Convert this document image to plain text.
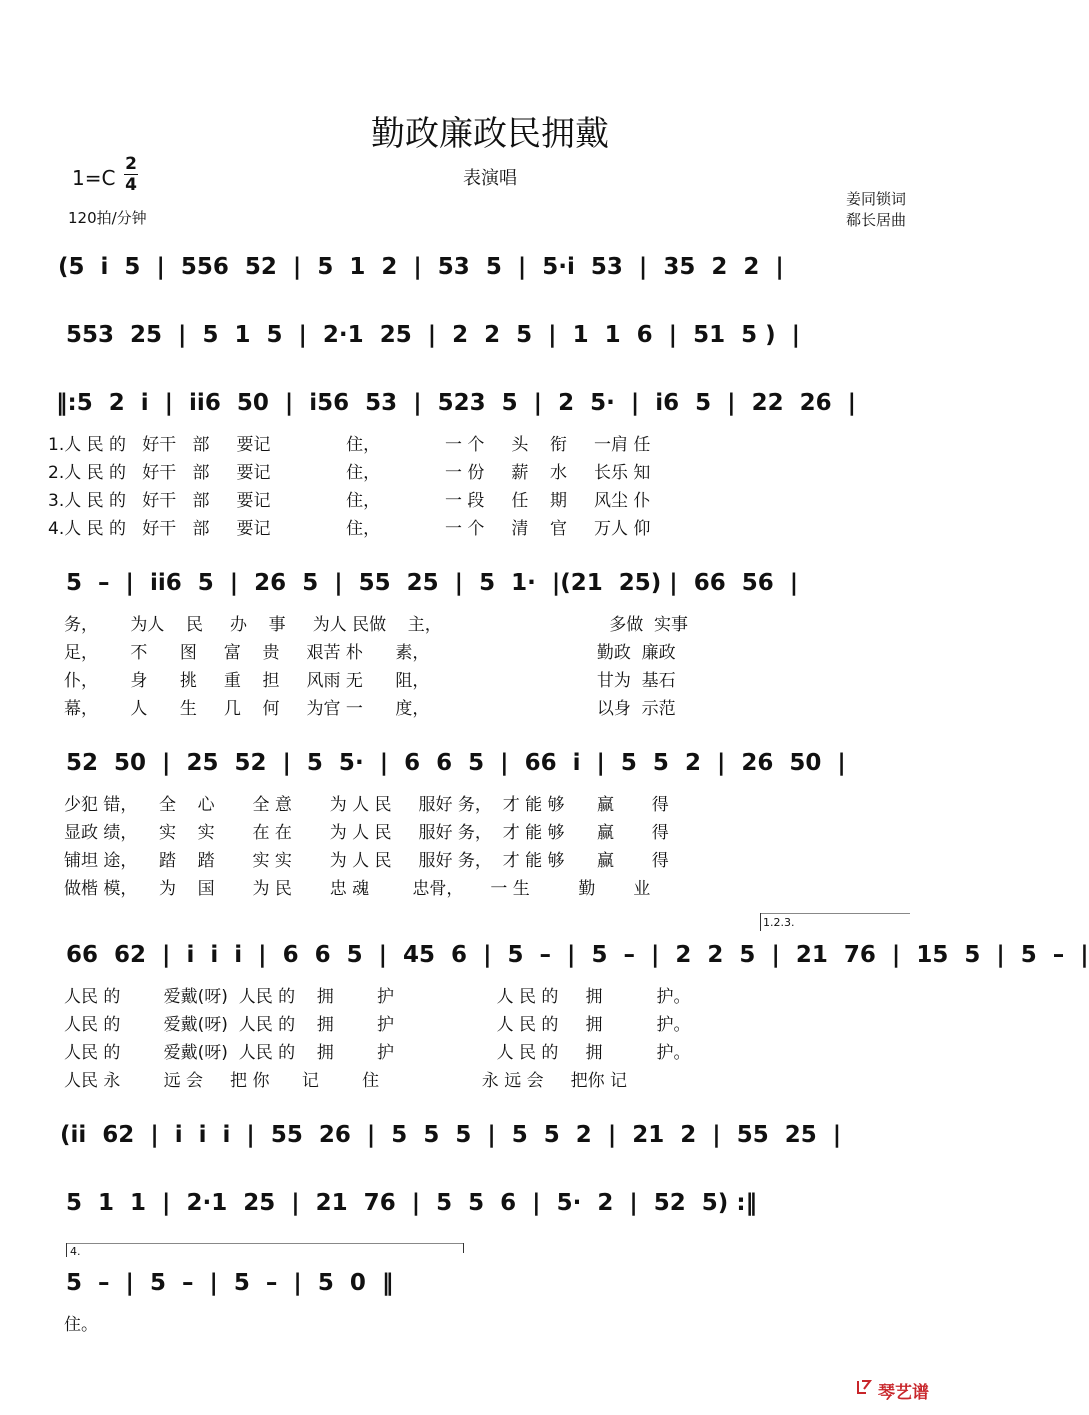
勤政廉政民拥戴
表演唱
1=C
2
4
120拍/分钟
姜同锁词
郗长居曲
(5  i  5  |  556  52  |  5  1  2  |  53  5  |  5·i  53  |  35  2  2  |
553  25  |  5  1  5  |  2·1  25  |  2  2  5  |  1  1  6  |  51  5 )  |
‖:5  2  i  |  ii6  50  |  i56  53  |  523  5  |  2  5·  |  i6  5  |  22  26  |
1.人 民 的   好干   部     要记              住，            一 个     头    衔     一肩 任
2.人 民 的   好干   部     要记              住，            一 份     薪    水     长乐 知
3.人 民 的   好干   部     要记              住，            一 段     任    期     风尘 仆
4.人 民 的   好干   部     要记              住，            一 个     清    官     万人 仰
5  –  |  ii6  5  |  26  5  |  55  25  |  5  1·  |(21  25) |  66  56  |
务，      为人    民     办    事     为人 民做    主，                               多做  实事
足，      不      图     富    贵     艰苦 朴      素，                               勤政  廉政
仆，      身      挑     重    担     风雨 无      阻，                               甘为  基石
幕，      人      生     几    何     为官 一      度，                               以身  示范
52  50  |  25  52  |  5  5·  |  6  6  5  |  66  i  |  5  5  2  |  26  50  |
少犯 错，    全    心       全 意       为 人 民     服好 务，  才 能 够      赢       得
显政 绩，    实    实       在 在       为 人 民     服好 务，  才 能 够      赢       得
铺坦 途，    踏    踏       实 实       为 人 民     服好 务，  才 能 够      赢       得
做楷 模，    为    国       为 民       忠 魂        忠骨，     一 生         勤       业
1.2.3.
66  62  |  i  i  i  |  6  6  5  |  45  6  |  5  –  |  5  –  |  2  2  5  |  21  76  |  15  5  |  5  –  |
人民 的        爱戴(呀)  人民 的    拥        护                   人 民 的     拥          护。
人民 的        爱戴(呀)  人民 的    拥        护                   人 民 的     拥          护。
人民 的        爱戴(呀)  人民 的    拥        护                   人 民 的     拥          护。
人民 永        远 会     把 你      记        住                   永 远 会     把你 记
(ii  62  |  i  i  i  |  55  26  |  5  5  5  |  5  5  2  |  21  2  |  55  25  |
5  1  1  |  2·1  25  |  21  76  |  5  5  6  |  5·  2  |  52  5) :‖
4.
5  –  |  5  –  |  5  –  |  5  0  ‖
住。
琴艺谱
